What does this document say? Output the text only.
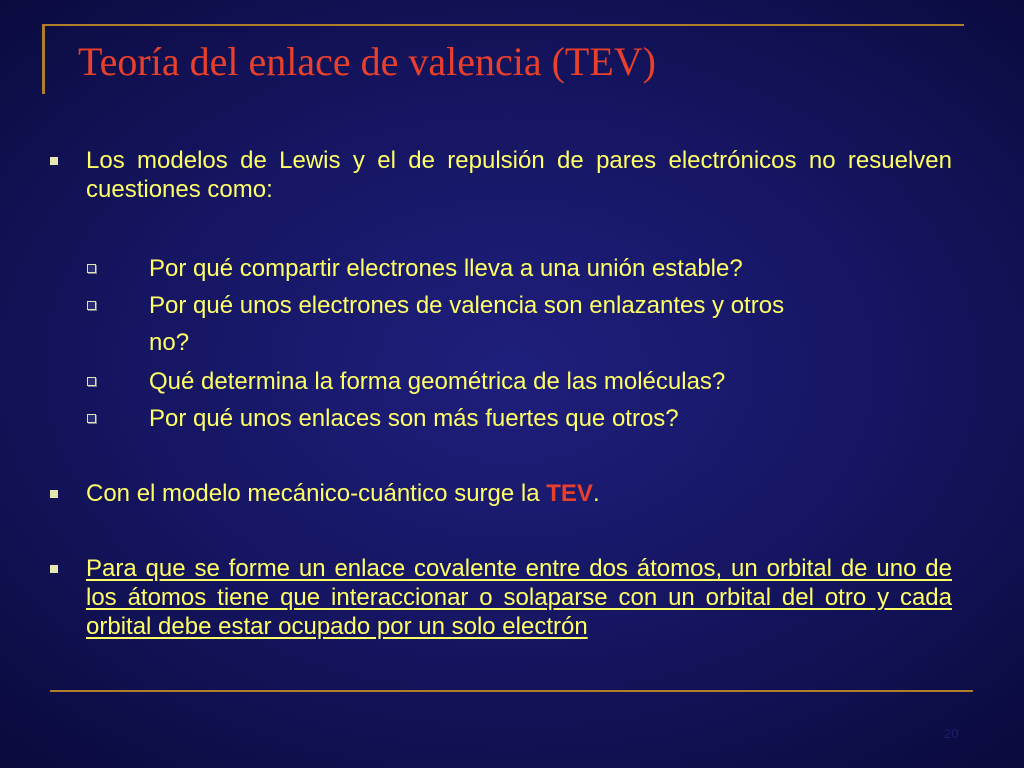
Teoría del enlace de valencia (TEV)
Los modelos de Lewis y el de repulsión de pares electrónicos no resuelven cuestiones como:
Por qué compartir electrones lleva a una unión estable?
Por qué unos electrones de valencia son enlazantes y otros
no?
Qué determina la forma geométrica de las moléculas?
Por qué unos enlaces son más fuertes que otros?
Con el modelo mecánico-cuántico surge la TEV.
Para que se forme un enlace covalente entre dos átomos, un orbital de uno de los átomos tiene que interaccionar o solaparse con un orbital del otro y cada orbital debe estar ocupado por un solo electrón
20
